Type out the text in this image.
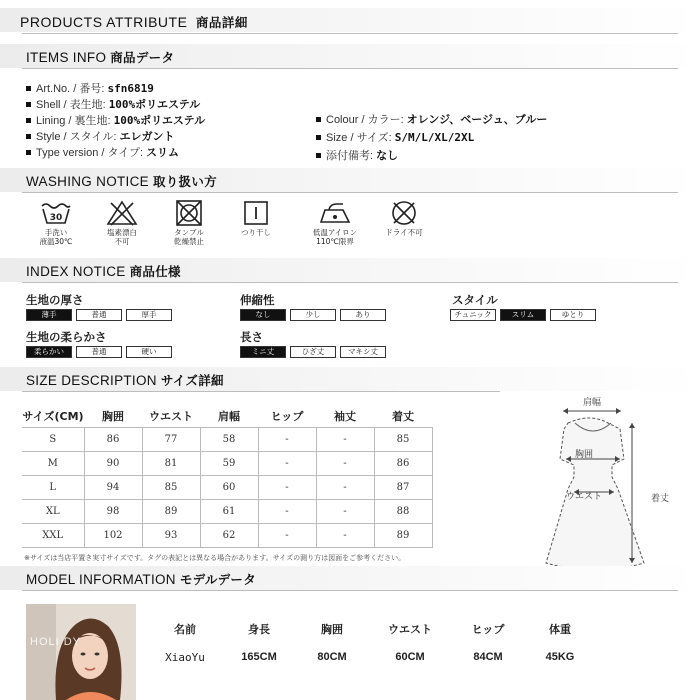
PRODUCTS ATTRIBUTE 商品詳細
ITEMS INFO 商品データ
Art.No. / 番号: sfn6819
Shell / 表生地: 100%ポリエステル
Lining / 裏生地: 100%ポリエステル
Style / スタイル: エレガント
Type version / タイプ: スリム
Colour / カラー: オレンジ、ベージュ、ブルー
Size / サイズ: S/M/L/XL/2XL
添付備考: なし
WASHING NOTICE 取り扱い方
30
手洗い
液温30℃
塩素漂白
不可
タンブル
乾燥禁止
つり干し	低温アイロン
110℃限界
ドライ不可
INDEX NOTICE 商品仕様
生地の厚さ
薄手	普通	厚手
伸縮性
なし	少し	あり
スタイル
チュニック	スリム	ゆとり
生地の柔らかさ
柔らかい	普通	硬い
長さ
ミニ丈	ひざ丈	マキシ丈
SIZE DESCRIPTION サイズ詳細
サイズ(CM)	胸囲	ウエスト	肩幅	ヒップ	袖丈	着丈
S	86	77	58	-	-	85
M	90	81	59	-	-	86
L	94	85	60	-	-	87
XL	98	89	61	-	-	88
XXL	102	93	62	-	-	89
※サイズは当店平置き実寸サイズです。タグの表記とは異なる場合があります。サイズの測り方は図面をご参考ください。
肩幅
胸囲
ウエスト	着丈
MODEL INFORMATION モデルデータ
HOLI DY
名前
XiaoYu
身長
165CM
胸囲
80CM
ウエスト
60CM
ヒップ
84CM
体重
45KG
